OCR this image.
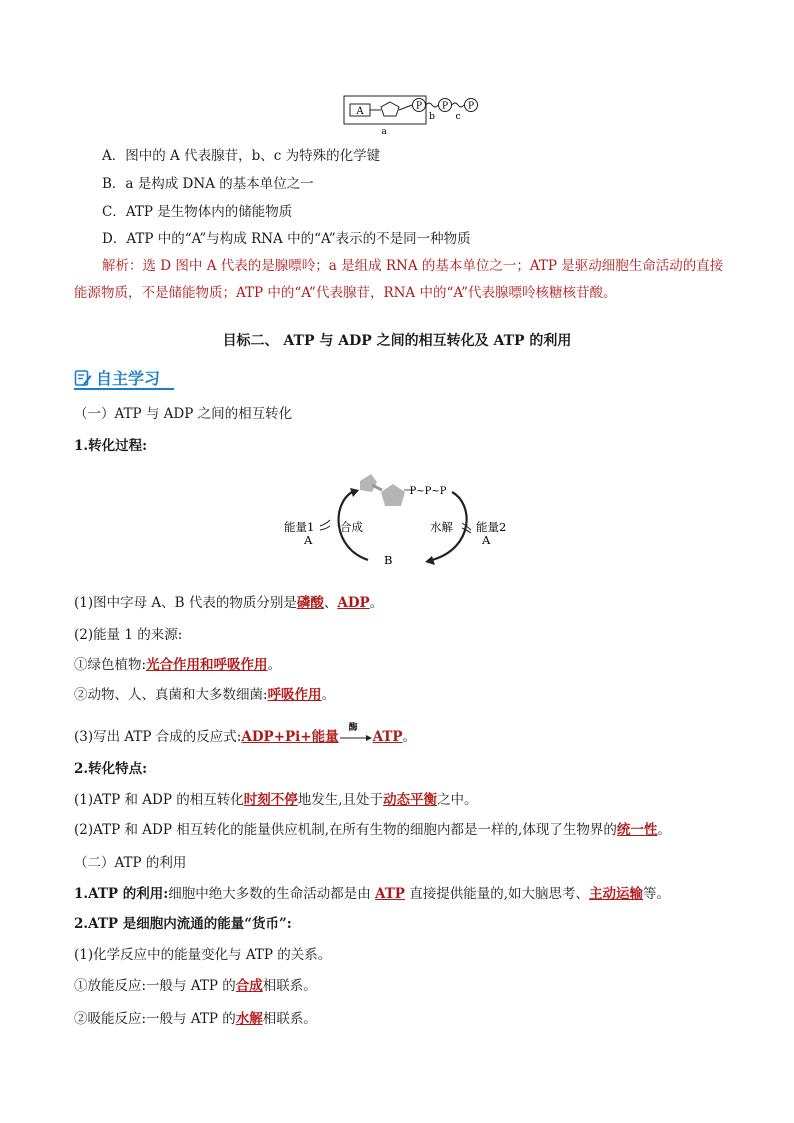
A	P P P
a
b c
A．图中的 A 代表腺苷，b、c 为特殊的化学键
B．a 是构成 DNA 的基本单位之一
C．ATP 是生物体内的储能物质
D．ATP 中的“A”与构成 RNA 中的“A”表示的不是同一种物质
解析：选 D 图中 A 代表的是腺嘌呤；a 是组成 RNA 的基本单位之一；ATP 是驱动细胞生命活动的直接
能源物质，不是储能物质；ATP 中的“A”代表腺苷，RNA 中的“A”代表腺嘌呤核糖核苷酸。
目标二、 ATP 与 ADP 之间的相互转化及 ATP 的利用
自主学习
（一）ATP 与 ADP 之间的相互转化
1.转化过程:
P~P~P
能量1
A
合成	水解 能量2
A
B
(1)图中字母 A、B 代表的物质分别是磷酸、ADP。
(2)能量 1 的来源:
①绿色植物:光合作用和呼吸作用。
②动物、人、真菌和大多数细菌:呼吸作用。
(3)写出 ATP 合成的反应式:ADP+Pi+能量
酶
ATP。
2.转化特点:
(1)ATP 和 ADP 的相互转化时刻不停地发生,且处于动态平衡之中。
(2)ATP 和 ADP 相互转化的能量供应机制,在所有生物的细胞内都是一样的,体现了生物界的统一性。
（二）ATP 的利用
1.ATP 的利用:细胞中绝大多数的生命活动都是由 ATP 直接提供能量的,如大脑思考、主动运输等。
2.ATP 是细胞内流通的能量“货币”:
(1)化学反应中的能量变化与 ATP 的关系。
①放能反应:一般与 ATP 的合成相联系。
②吸能反应:一般与 ATP 的水解相联系。
